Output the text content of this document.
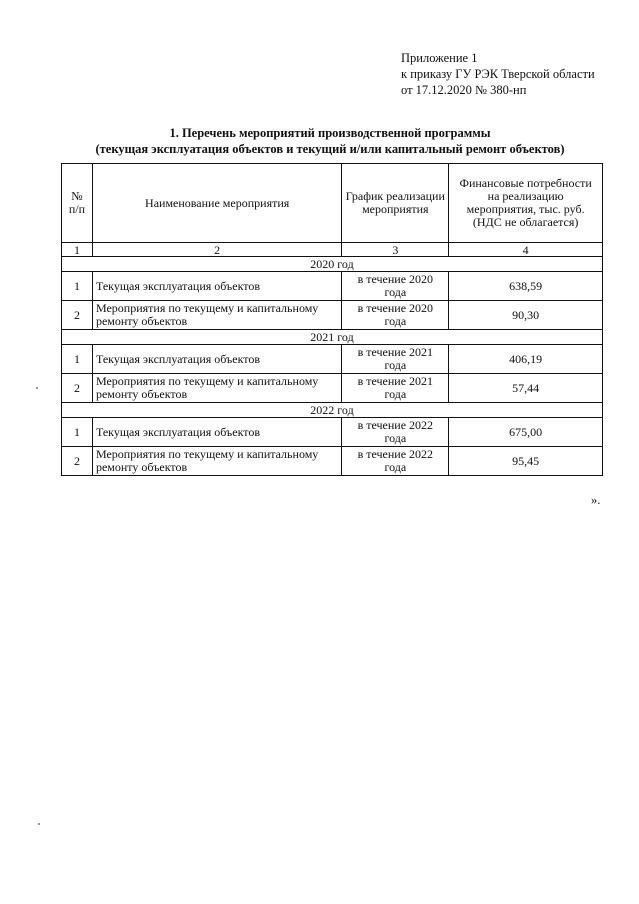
Приложение 1
к приказу ГУ РЭК Тверской области
от 17.12.2020 № 380-нп
1. Перечень мероприятий производственной программы
(текущая эксплуатация объектов и текущий и/или капитальный ремонт объектов)
№ п/п	Наименование мероприятия	График реализации мероприятия	Финансовые потребности на реализацию мероприятия, тыс. руб. (НДС не облагается)
1	2	3	4
2020 год			
1	Текущая эксплуатация объектов	в течение 2020 года	638,59
2	Мероприятия по текущему и капитальному ремонту объектов	в течение 2020 года	90,30
2021 год			
1	Текущая эксплуатация объектов	в течение 2021 года	406,19
2	Мероприятия по текущему и капитальному ремонту объектов	в течение 2021 года	57,44
2022 год			
1	Текущая эксплуатация объектов	в течение 2022 года	675,00
2	Мероприятия по текущему и капитальному ремонту объектов	в течение 2022 года	95,45
».
